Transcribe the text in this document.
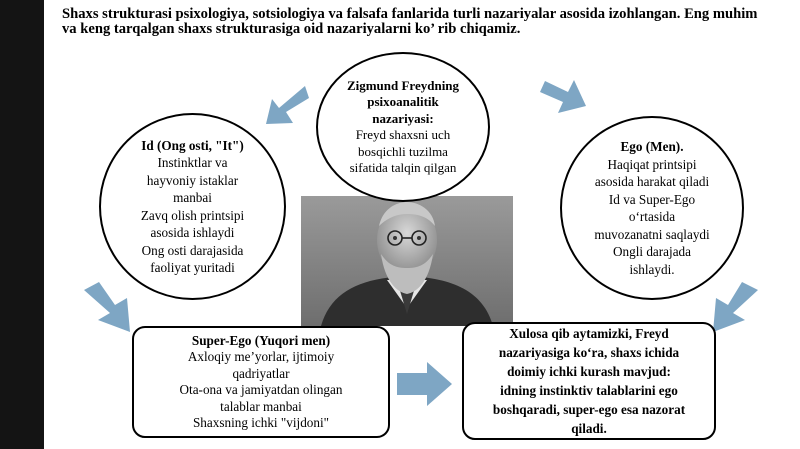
Shaxs strukturasi psixologiya, sotsiologiya va falsafa fanlarida turli nazariyalar asosida izohlangan. Eng muhim va keng tarqalgan shaxs strukturasiga oid nazariyalarni ko’ rib chiqamiz.

Zigmund Freydning
psixoanalitik
nazariyasi:
Freyd shaxsni uch
bosqichli tuzilma
sifatida talqin qilgan
Id (Ong osti, "It")
Instinktlar va
hayvoniy istaklar
manbai
Zavq olish printsipi
asosida ishlaydi
Ong osti darajasida
faoliyat yuritadi
Ego (Men).
Haqiqat printsipi
asosida harakat qiladi
Id va Super-Ego
o‘rtasida
muvozanatni saqlaydi
Ongli darajada
ishlaydi.
Super-Ego (Yuqori men)
Axloqiy me’yorlar, ijtimoiy
qadriyatlar
Ota-ona va jamiyatdan olingan
talablar manbai
Shaxsning ichki "vijdoni"
Xulosa qib aytamizki, Freyd
nazariyasiga ko‘ra, shaxs ichida
doimiy ichki kurash mavjud:
idning instinktiv talablarini ego
boshqaradi, super-ego esa nazorat
qiladi.
